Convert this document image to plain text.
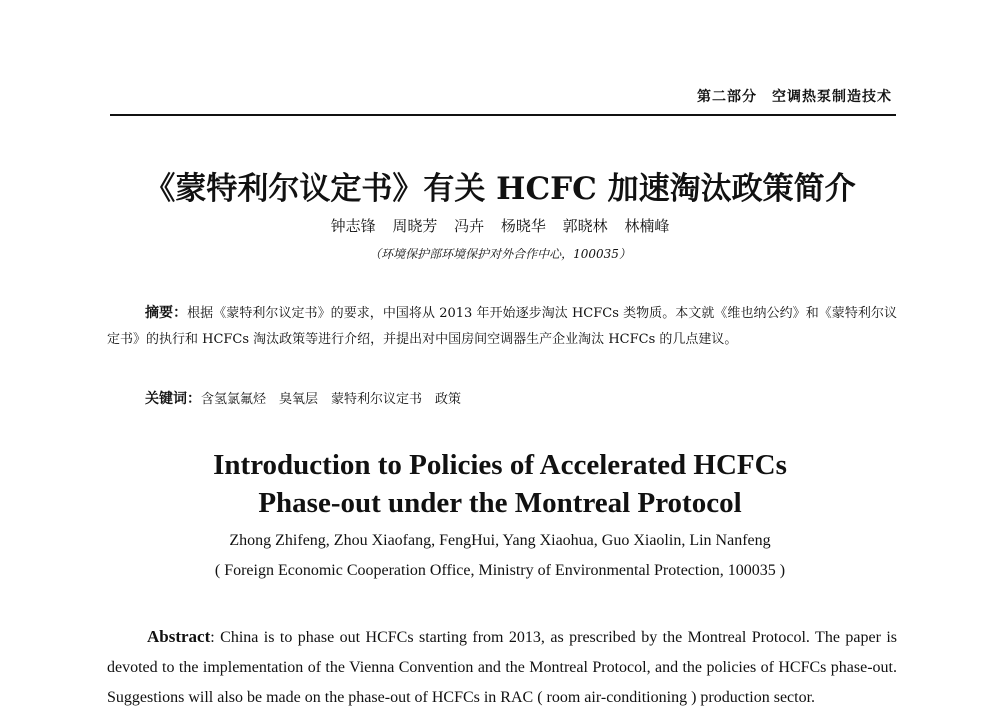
第二部分　空调热泵制造技术
《蒙特利尔议定书》有关 HCFC 加速淘汰政策简介
钟志锋 周晓芳 冯卉 杨晓华 郭晓林 林楠峰
（环境保护部环境保护对外合作中心，100035）
摘要：根据《蒙特利尔议定书》的要求，中国将从 2013 年开始逐步淘汰 HCFCs 类物质。本文就《维也纳公约》和《蒙特利尔议定书》的执行和 HCFCs 淘汰政策等进行介绍，并提出对中国房间空调器生产企业淘汰 HCFCs 的几点建议。
关键词：含氢氯氟烃　臭氧层　蒙特利尔议定书　政策
Introduction to Policies of Accelerated HCFCs
Phase-out under the Montreal Protocol
Zhong Zhifeng, Zhou Xiaofang, FengHui, Yang Xiaohua, Guo Xiaolin, Lin Nanfeng
( Foreign Economic Cooperation Office, Ministry of Environmental Protection, 100035 )
Abstract: China is to phase out HCFCs starting from 2013, as prescribed by the Montreal Protocol. The paper is devoted to the implementation of the Vienna Convention and the Montreal Protocol, and the policies of HCFCs phase-out. Suggestions will also be made on the phase-out of HCFCs in RAC ( room air-conditioning ) production sector.
